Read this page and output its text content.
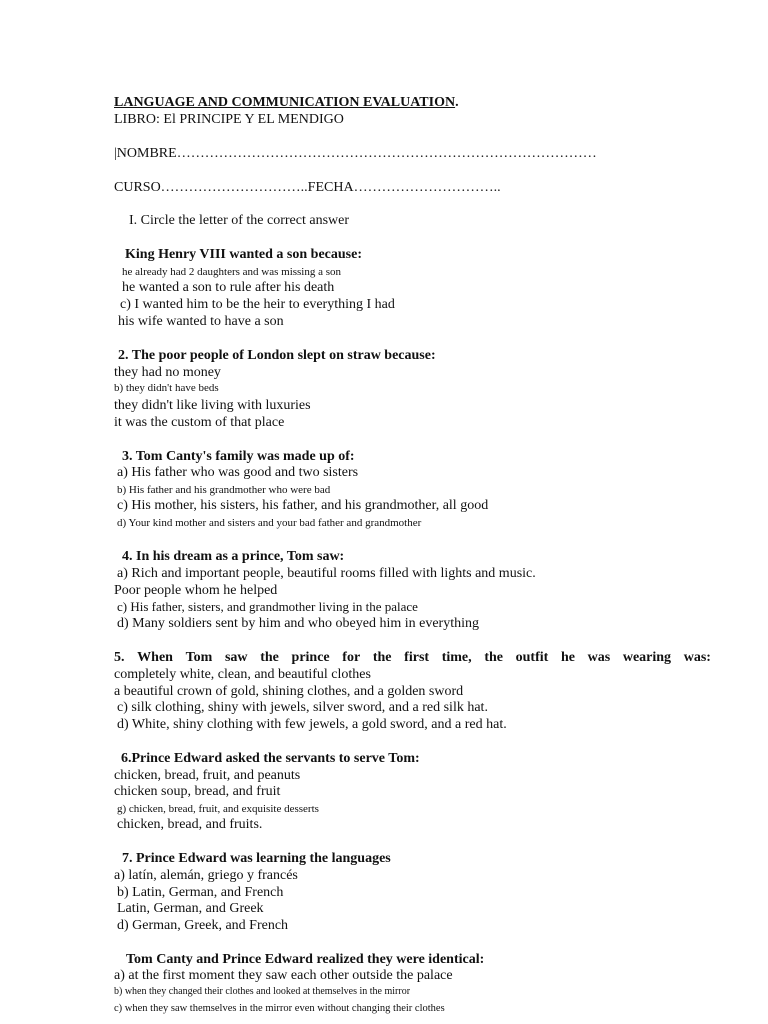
LANGUAGE AND COMMUNICATION EVALUATION.
LIBRO: El PRINCIPE Y EL MENDIGO
|NOMBRE………………………………………………………………………………
CURSO…………………………..FECHA…………………………..
I. Circle the letter of the correct answer
King Henry VIII wanted a son because:
he already had 2 daughters and was missing a son
he wanted a son to rule after his death
c) I wanted him to be the heir to everything I had
his wife wanted to have a son
2. The poor people of London slept on straw because:
they had no money
b) they didn't have beds
they didn't like living with luxuries
it was the custom of that place
3. Tom Canty's family was made up of:
a) His father who was good and two sisters
b) His father and his grandmother who were bad
c) His mother, his sisters, his father, and his grandmother, all good
d) Your kind mother and sisters and your bad father and grandmother
4. In his dream as a prince, Tom saw:
a) Rich and important people, beautiful rooms filled with lights and music.
Poor people whom he helped
c) His father, sisters, and grandmother living in the palace
d) Many soldiers sent by him and who obeyed him in everything
5. When Tom saw the prince for the first time, the outfit he was wearing was:
completely white, clean, and beautiful clothes
a beautiful crown of gold, shining clothes, and a golden sword
c) silk clothing, shiny with jewels, silver sword, and a red silk hat.
d) White, shiny clothing with few jewels, a gold sword, and a red hat.
6.Prince Edward asked the servants to serve Tom:
chicken, bread, fruit, and peanuts
chicken soup, bread, and fruit
g) chicken, bread, fruit, and exquisite desserts
chicken, bread, and fruits.
7. Prince Edward was learning the languages
a) latín, alemán, griego y francés
b) Latin, German, and French
Latin, German, and Greek
d) German, Greek, and French
Tom Canty and Prince Edward realized they were identical:
a) at the first moment they saw each other outside the palace
b) when they changed their clothes and looked at themselves in the mirror
c) when they saw themselves in the mirror even without changing their clothes
